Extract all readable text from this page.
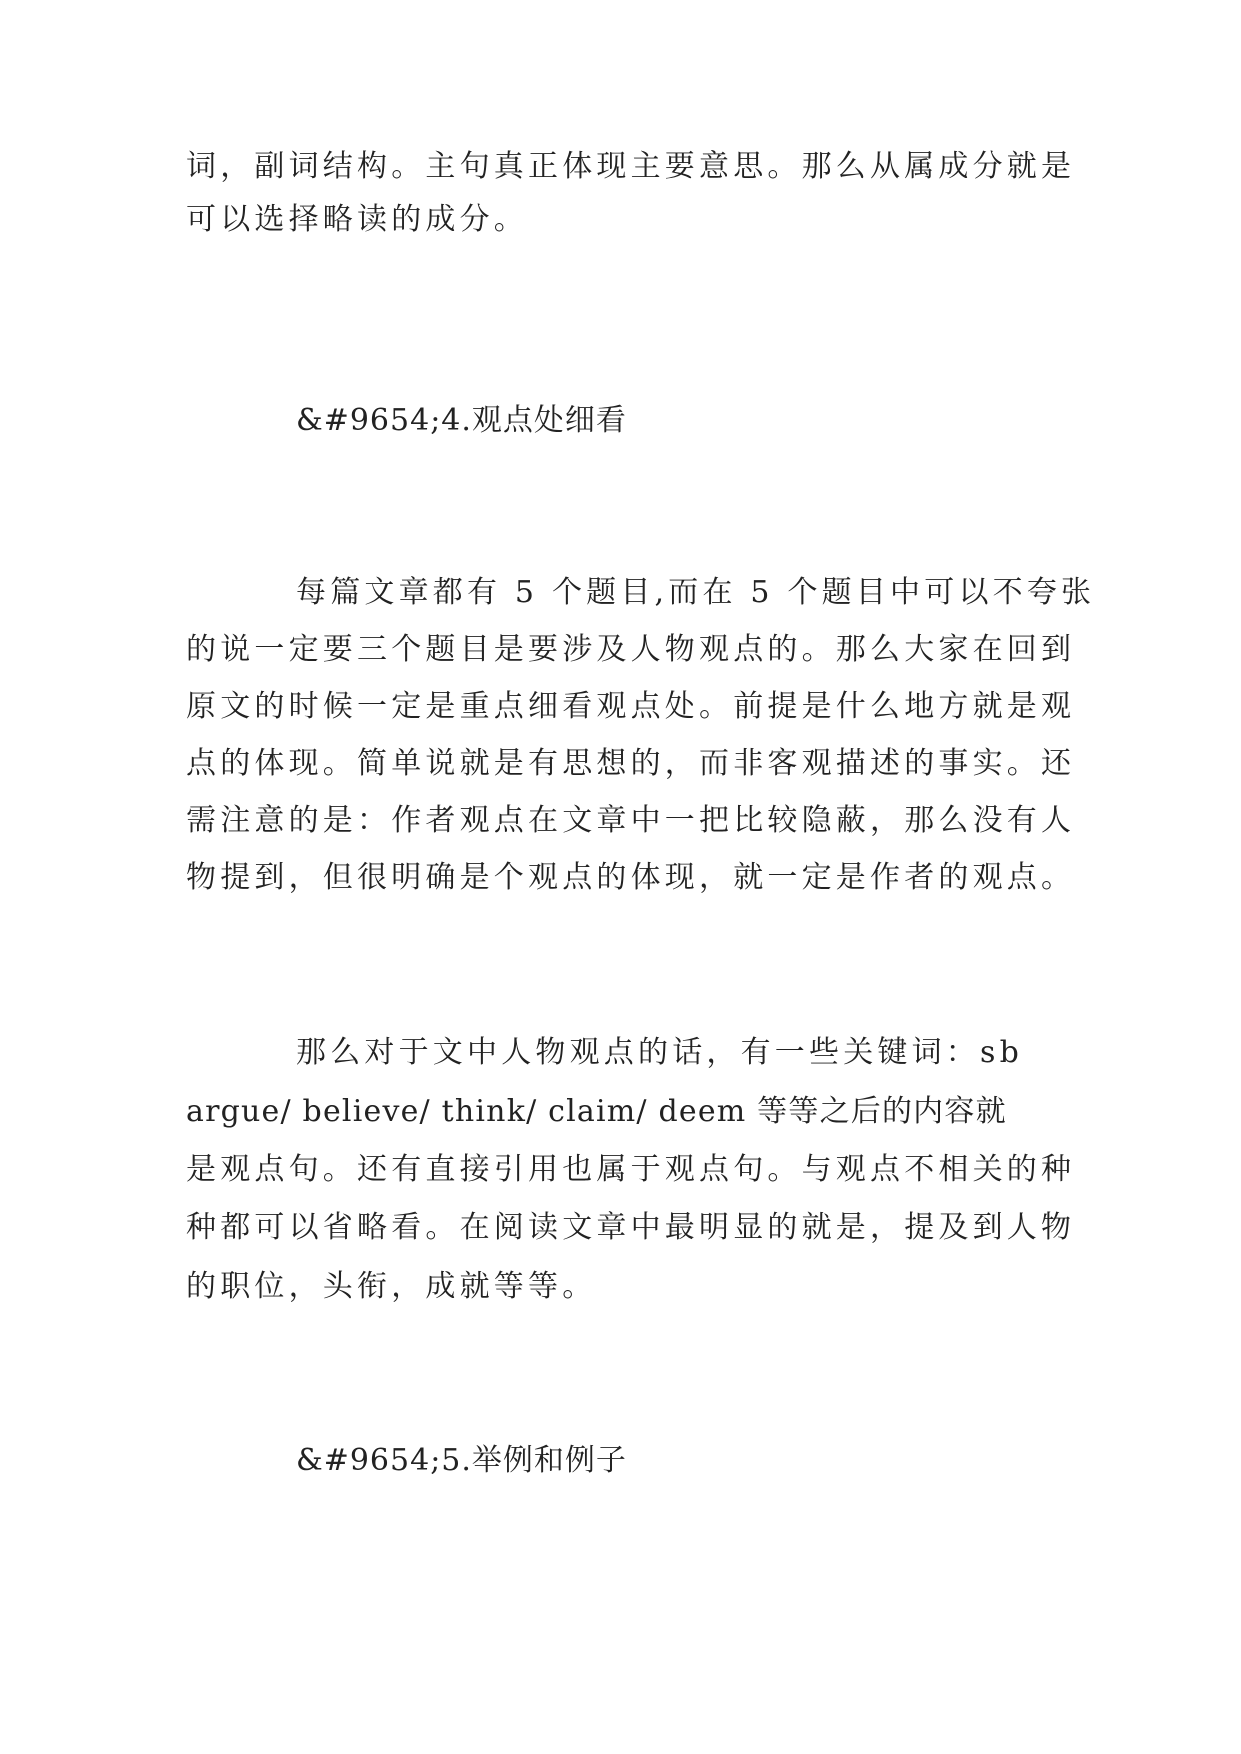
词，副词结构。主句真正体现主要意思。那么从属成分就是
可以选择略读的成分。
&#9654;4.观点处细看
每篇文章都有 5 个题目,而在 5 个题目中可以不夸张
的说一定要三个题目是要涉及人物观点的。那么大家在回到
原文的时候一定是重点细看观点处。前提是什么地方就是观
点的体现。简单说就是有思想的，而非客观描述的事实。还
需注意的是：作者观点在文章中一把比较隐蔽，那么没有人
物提到，但很明确是个观点的体现，就一定是作者的观点。
那么对于文中人物观点的话，有一些关键词：sb
argue/ believe/ think/ claim/ deem 等等之后的内容就
是观点句。还有直接引用也属于观点句。与观点不相关的种
种都可以省略看。在阅读文章中最明显的就是，提及到人物
的职位，头衔，成就等等。
&#9654;5.举例和例子
